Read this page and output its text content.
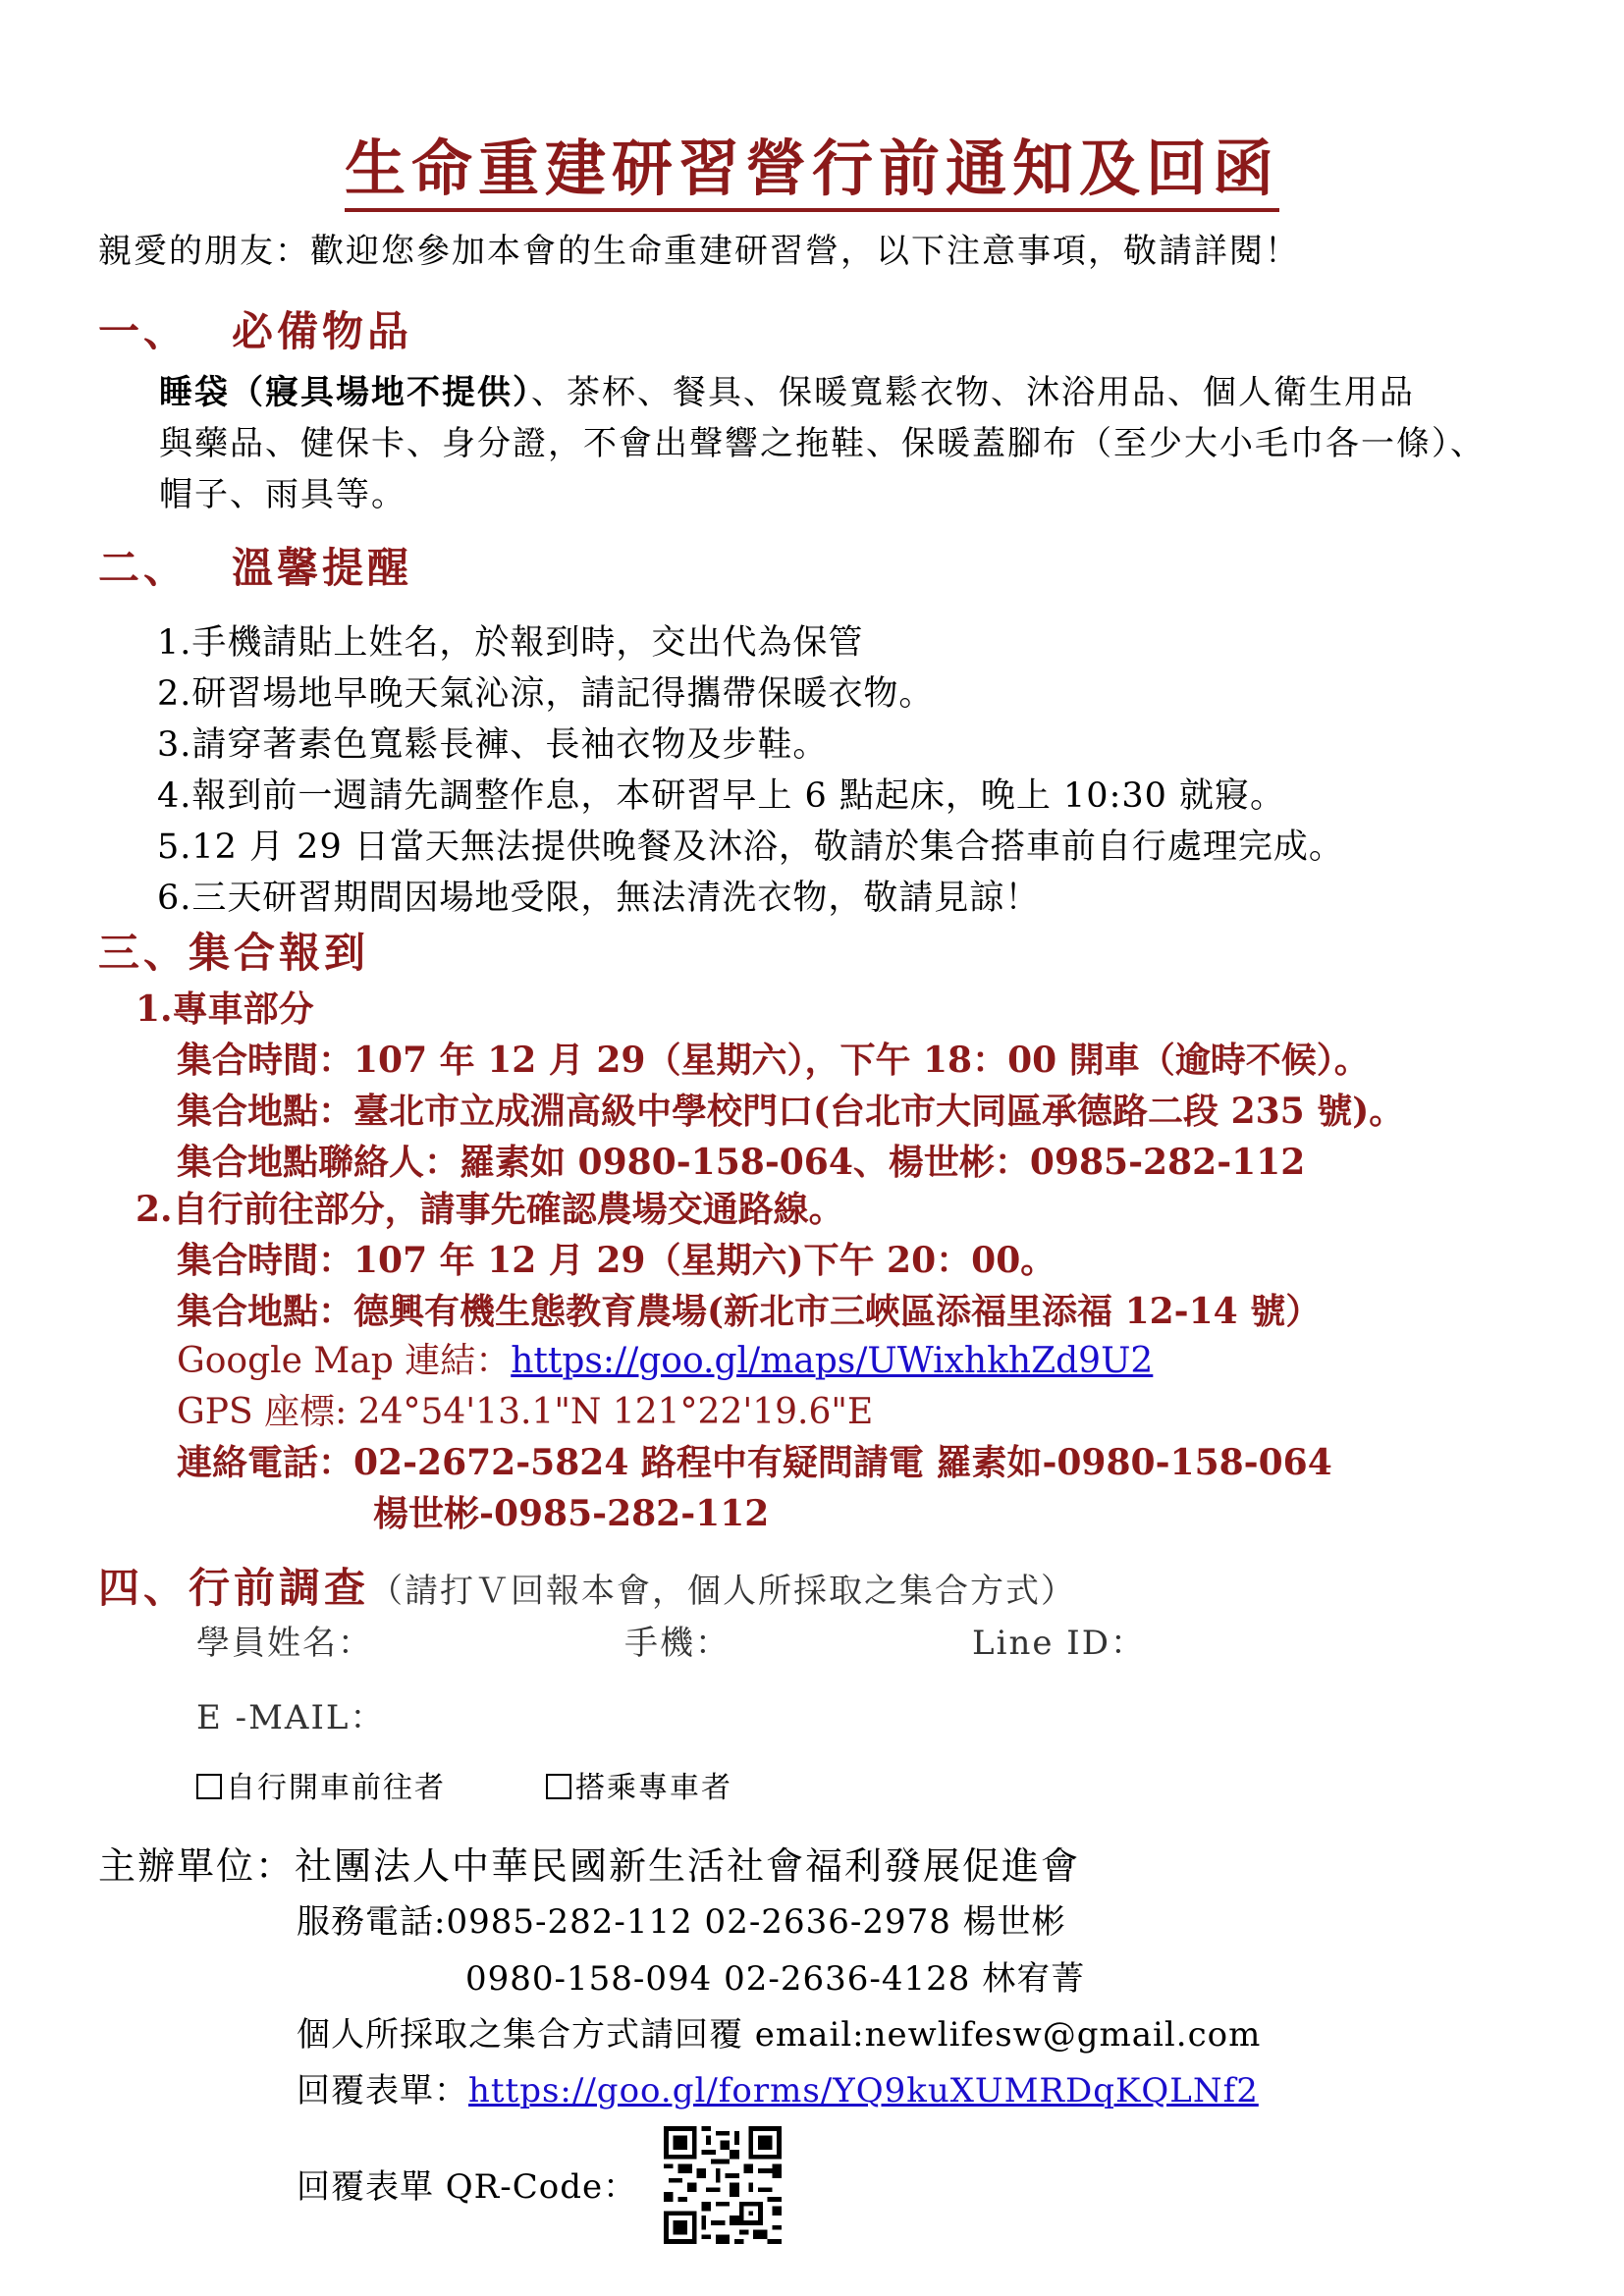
生命重建研習營行前通知及回函
親愛的朋友：歡迎您參加本會的生命重建研習營，以下注意事項，敬請詳閱！
一、 必備物品
睡袋（寢具場地不提供）、茶杯、餐具、保暖寬鬆衣物、沐浴用品、個人衛生用品
與藥品、健保卡、身分證，不會出聲響之拖鞋、保暖蓋腳布（至少大小毛巾各一條）、
帽子、雨具等。
二、 溫馨提醒
1.手機請貼上姓名，於報到時，交出代為保管
2.研習場地早晚天氣沁涼，請記得攜帶保暖衣物。
3.請穿著素色寬鬆長褲、長袖衣物及步鞋。
4.報到前一週請先調整作息，本研習早上 6 點起床，晚上 10:30 就寢。
5.12 月 29 日當天無法提供晚餐及沐浴，敬請於集合搭車前自行處理完成。
6.三天研習期間因場地受限，無法清洗衣物，敬請見諒！
三、集合報到
1.專車部分
集合時間：107 年 12 月 29（星期六），下午 18：00 開車（逾時不候）。
集合地點：臺北市立成淵高級中學校門口(台北市大同區承德路二段 235 號)。
集合地點聯絡人：羅素如 0980-158-064、楊世彬：0985-282-112
2.自行前往部分，請事先確認農場交通路線。
集合時間：107 年 12 月 29（星期六)下午 20：00。
集合地點：德興有機生態教育農場(新北市三峽區添福里添福 12-14 號）
Google Map 連結：https://goo.gl/maps/UWixhkhZd9U2
GPS 座標: 24°54'13.1"N 121°22'19.6"E
連絡電話：02-2672-5824 路程中有疑問請電 羅素如-0980-158-064
楊世彬-0985-282-112
四、行前調查（請打Ｖ回報本會，個人所採取之集合方式）
學員姓名：	手機：	Line ID：
E -MAIL：
自行開車前往者	搭乘專車者
主辦單位：社團法人中華民國新生活社會福利發展促進會
服務電話:0985-282-112 02-2636-2978 楊世彬
0980-158-094 02-2636-4128 林宥菁
個人所採取之集合方式請回覆 email:newlifesw@gmail.com
回覆表單：https://goo.gl/forms/YQ9kuXUMRDqKQLNf2
回覆表單 QR-Code：
